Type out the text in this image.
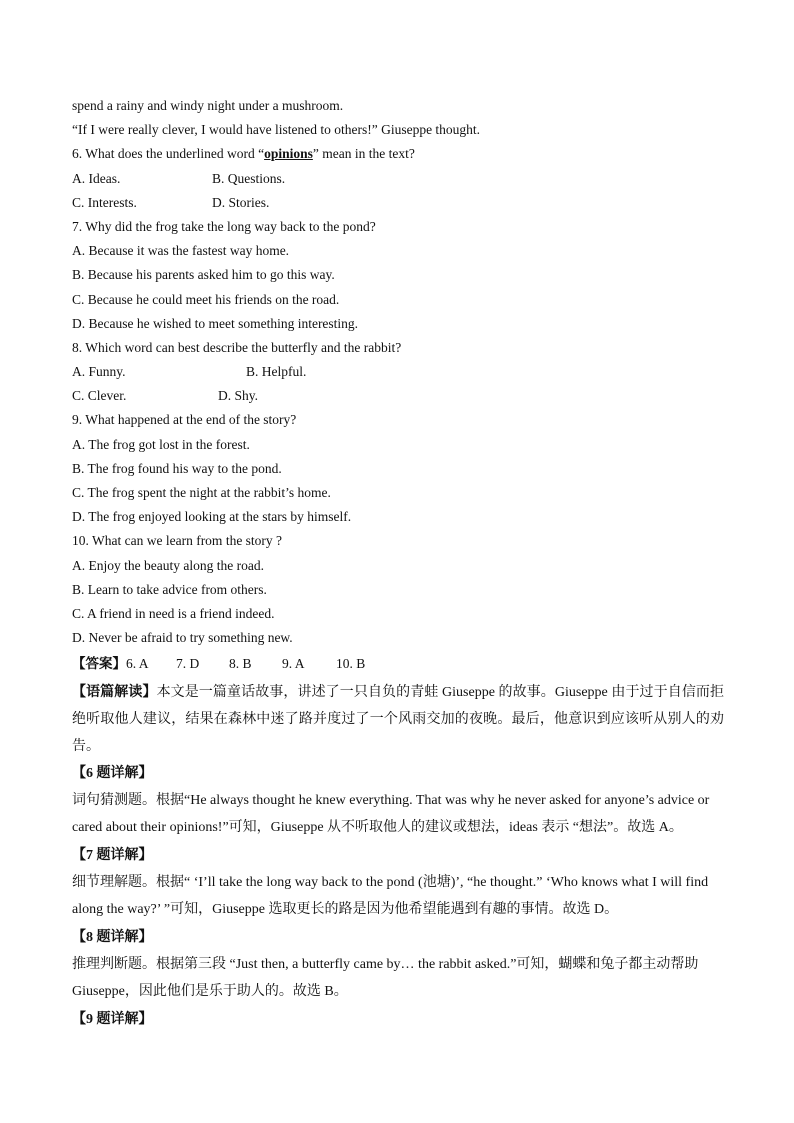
spend a rainy and windy night under a mushroom.
“If I were really clever, I would have listened to others!” Giuseppe thought.
6. What does the underlined word “opinions” mean in the text?
A. Ideas.	B. Questions.
C. Interests.	D. Stories.
7. Why did the frog take the long way back to the pond?
A. Because it was the fastest way home.
B. Because his parents asked him to go this way.
C. Because he could meet his friends on the road.
D. Because he wished to meet something interesting.
8. Which word can best describe the butterfly and the rabbit?
A. Funny.	B. Helpful.
C. Clever.	D. Shy.
9. What happened at the end of the story?
A. The frog got lost in the forest.
B. The frog found his way to the pond.
C. The frog spent the night at the rabbit’s home.
D. The frog enjoyed looking at the stars by himself.
10. What can we learn from the story ?
A. Enjoy the beauty along the road.
B. Learn to take advice from others.
C. A friend in need is a friend indeed.
D. Never be afraid to try something new.
【答案】 6. A	7. D	8. B	9. A	10. B
【语篇解读】本文是一篇童话故事，讲述了一只自负的青蛙 Giuseppe 的故事。Giuseppe 由于过于自信而拒绝听取他人建议，结果在森林中迷了路并度过了一个风雨交加的夜晚。最后，他意识到应该听从别人的劝告。
【6 题详解】
词句猜测题。根据“He always thought he knew everything. That was why he never asked for anyone’s advice or
cared about their opinions!”可知，Giuseppe 从不听取他人的建议或想法，ideas 表示 “想法”。故选 A。
【7 题详解】
细节理解题。根据“ ‘I’ll take the long way back to the pond (池塘)’, “he thought.” ‘Who knows what I will find
along the way?’ ”可知，Giuseppe 选取更长的路是因为他希望能遇到有趣的事情。故选 D。
【8 题详解】
推理判断题。根据第三段 “Just then, a butterfly came by… the rabbit asked.”可知，蝴蝶和兔子都主动帮助
Giuseppe，因此他们是乐于助人的。故选 B。
【9 题详解】
